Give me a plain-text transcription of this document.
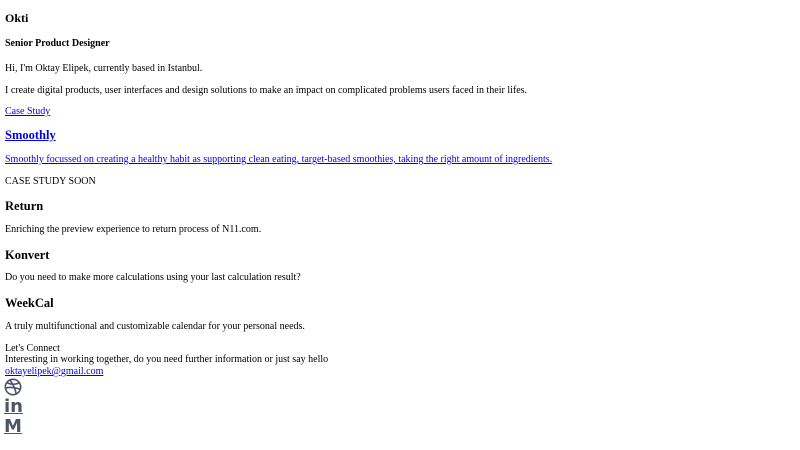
Okti
Senior Product Designer
Hi, I'm Oktay Elipek, currently based in Istanbul.
I create digital products, user interfaces and design solutions to make an impact on complicated problems users faced in their lifes.
Case Study
Smoothly
Smoothly focussed on creating a healthy habit as supporting clean eating, target-based smoothies, taking the right amount of ingredients.
CASE STUDY SOON
Return
Enriching the preview experience to return process of N11.com.
Konvert
Do you need to make more calculations using your last calculation result?
WeekCal
A truly multifunctional and customizable calendar for your personal needs.
Let's Connect
Interesting in working together, do you need further information or just say hello
oktayelipek@gmail.com
in
M
